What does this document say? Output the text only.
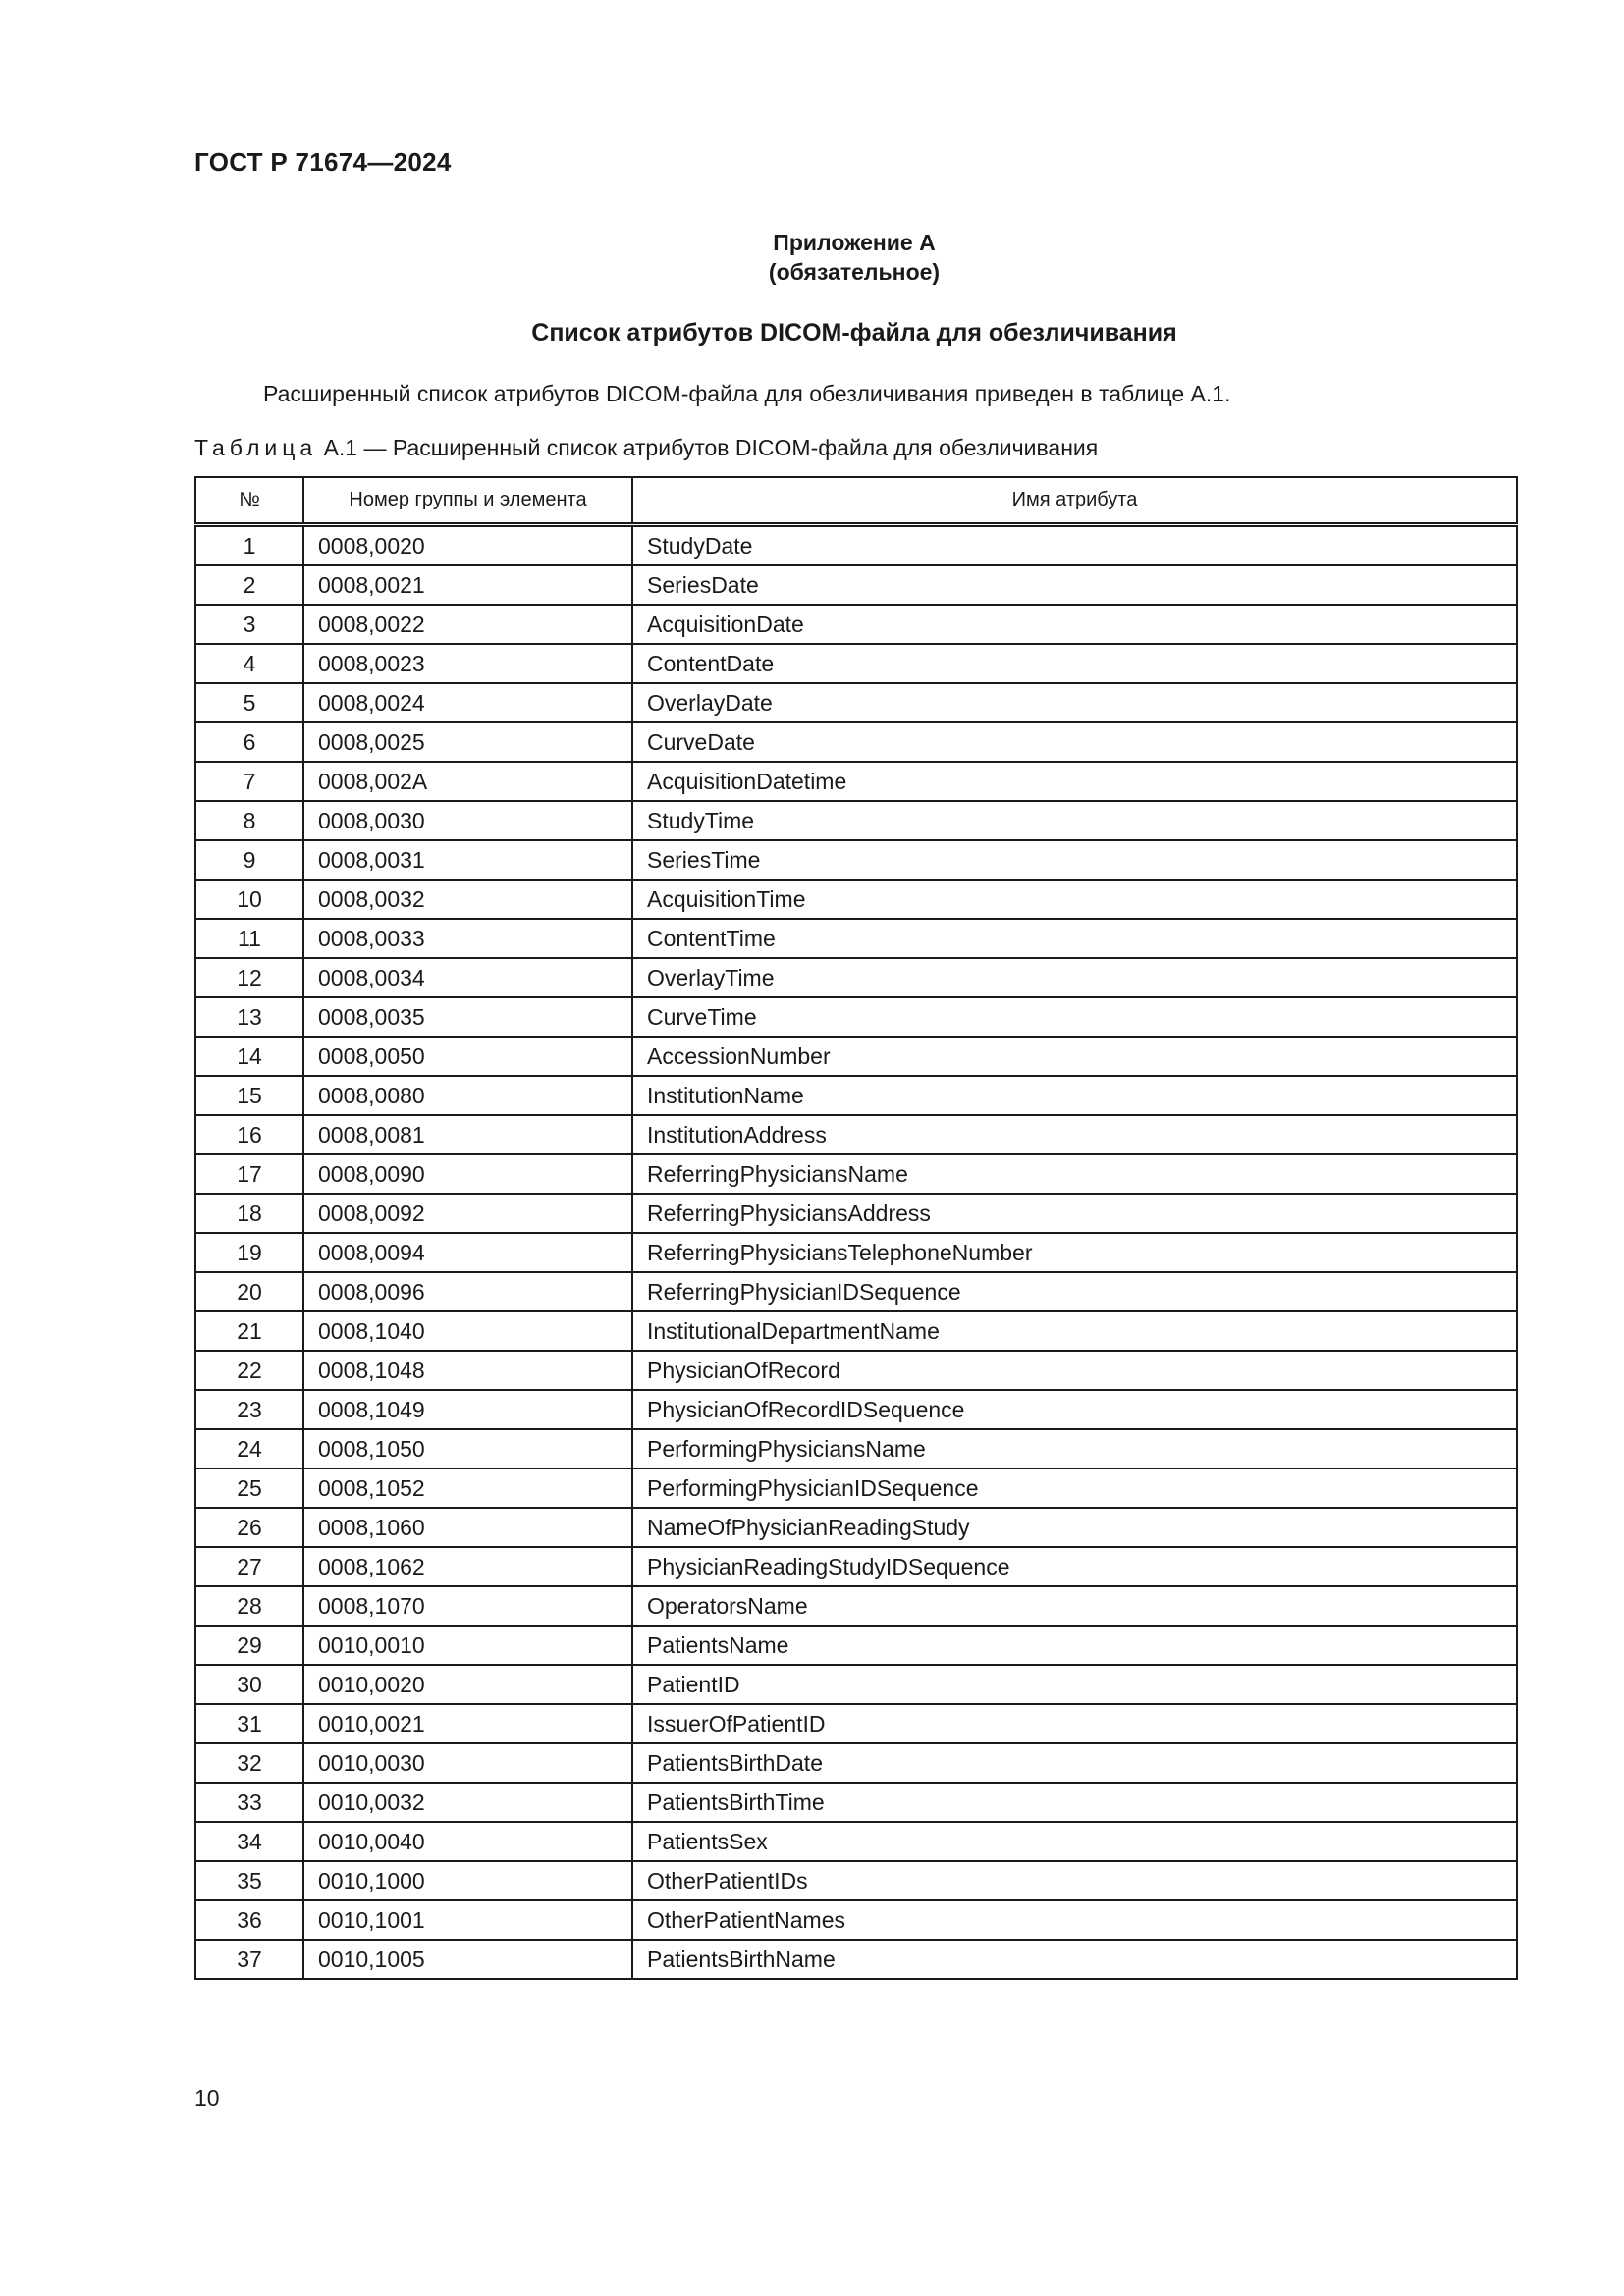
ГОСТ Р 71674—2024
Приложение А
(обязательное)
Список атрибутов DICOM-файла для обезличивания
Расширенный список атрибутов DICOM-файла для обезличивания приведен в таблице А.1.
Таблица А.1 — Расширенный список атрибутов DICOM-файла для обезличивания
№	Номер группы и элемента	Имя атрибута
1	0008,0020	StudyDate
2	0008,0021	SeriesDate
3	0008,0022	AcquisitionDate
4	0008,0023	ContentDate
5	0008,0024	OverlayDate
6	0008,0025	CurveDate
7	0008,002A	AcquisitionDatetime
8	0008,0030	StudyTime
9	0008,0031	SeriesTime
10	0008,0032	AcquisitionTime
11	0008,0033	ContentTime
12	0008,0034	OverlayTime
13	0008,0035	CurveTime
14	0008,0050	AccessionNumber
15	0008,0080	InstitutionName
16	0008,0081	InstitutionAddress
17	0008,0090	ReferringPhysiciansName
18	0008,0092	ReferringPhysiciansAddress
19	0008,0094	ReferringPhysiciansTelephoneNumber
20	0008,0096	ReferringPhysicianIDSequence
21	0008,1040	InstitutionalDepartmentName
22	0008,1048	PhysicianOfRecord
23	0008,1049	PhysicianOfRecordIDSequence
24	0008,1050	PerformingPhysiciansName
25	0008,1052	PerformingPhysicianIDSequence
26	0008,1060	NameOfPhysicianReadingStudy
27	0008,1062	PhysicianReadingStudyIDSequence
28	0008,1070	OperatorsName
29	0010,0010	PatientsName
30	0010,0020	PatientID
31	0010,0021	IssuerOfPatientID
32	0010,0030	PatientsBirthDate
33	0010,0032	PatientsBirthTime
34	0010,0040	PatientsSex
35	0010,1000	OtherPatientIDs
36	0010,1001	OtherPatientNames
37	0010,1005	PatientsBirthName
10
